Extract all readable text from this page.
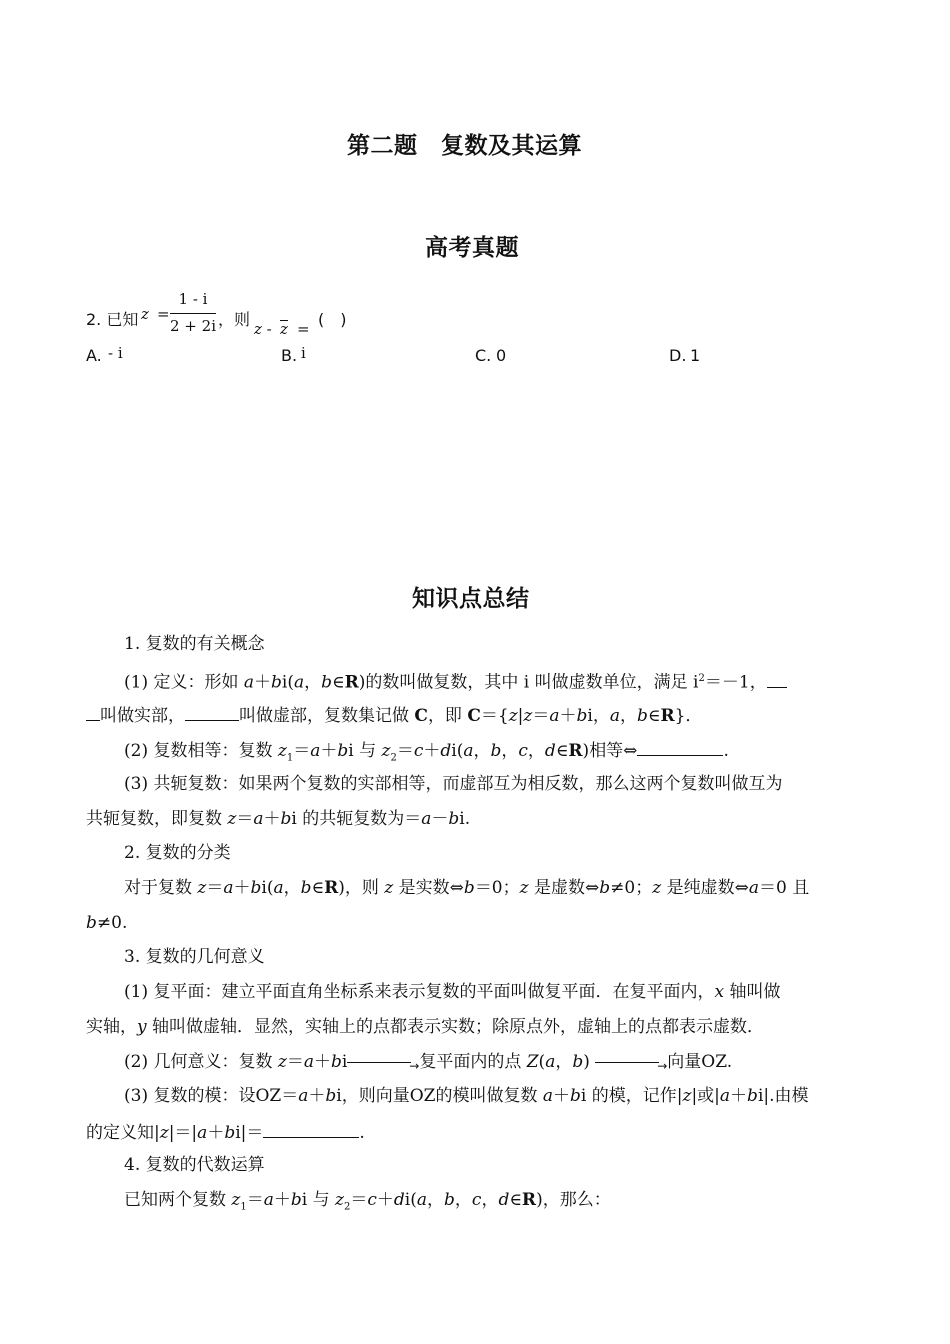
第二题　复数及其运算
高考真题
2. 已知 z =
1 - i
2 + 2i ，则 z - z = (　)
A. - i	B. i	C. 0	D. 1
知识点总结
1. 复数的有关概念
(1) 定义：形如 a＋bi(a，b∈R)的数叫做复数，其中 i 叫做虚数单位，满足 $i^2=-1$，
叫做实部，	叫做虚部，复数集记做 C，即 C＝{z|z＝a＋bi，a，b∈R}．
(2) 复数相等：复数 $z_1=a+bi$ 与 $z_2=c+di(a$，b，c，d∈R)相等⇔	.
(3) 共轭复数：如果两个复数的实部相等，而虚部互为相反数，那么这两个复数叫做互为
共轭复数，即复数 z＝a＋bi 的共轭复数为＝a－bi.
2. 复数的分类
对于复数 z＝a＋bi(a，b∈R)，则 z 是实数⇔b＝0；z 是虚数⇔b≠0；z 是纯虚数⇔a＝0 且
b≠0.
3. 复数的几何意义
(1) 复平面：建立平面直角坐标系来表示复数的平面叫做复平面．在复平面内，x 轴叫做
实轴，y 轴叫做虚轴．显然，实轴上的点都表示实数；除原点外，虚轴上的点都表示虚数．
(2) 几何意义：复数 z＝a＋bi	→ 复平面内的点 Z(a，b)	→ 向量OZ.
(3) 复数的模：设OZ＝a＋bi，则向量OZ的模叫做复数 a＋bi 的模，记作|z|或|a＋bi|.由模
的定义知|z|＝|a＋bi|＝	.
4. 复数的代数运算
已知两个复数 $z_1=a+bi$ 与 $z_2=c+di(a$，b，c，d∈R)，那么：
